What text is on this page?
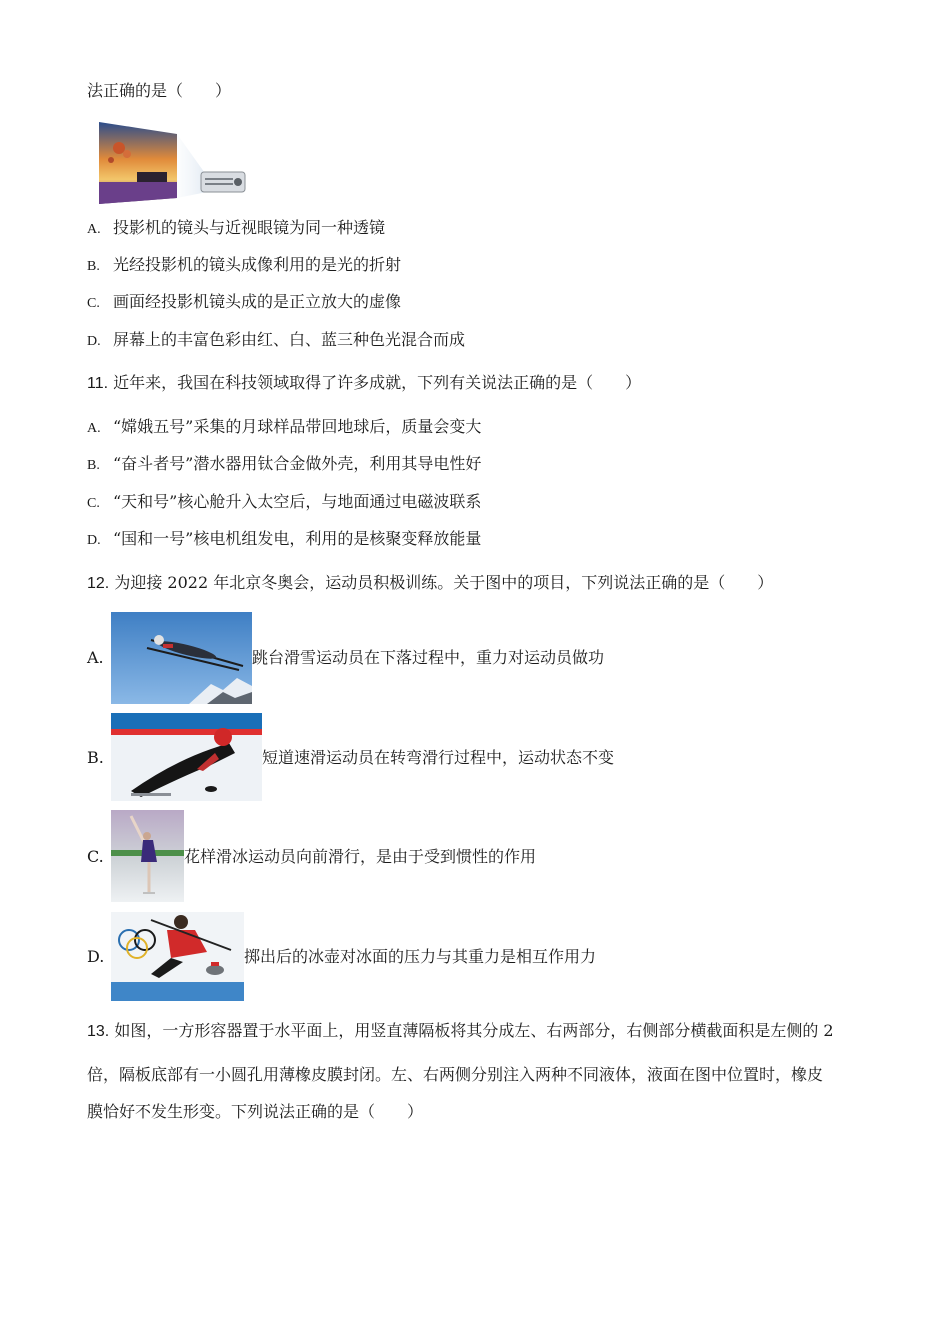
法正确的是（　　）
A. 投影机的镜头与近视眼镜为同一种透镜
B. 光经投影机的镜头成像利用的是光的折射
C. 画面经投影机镜头成的是正立放大的虚像
D. 屏幕上的丰富色彩由红、白、蓝三种色光混合而成
11. 近年来，我国在科技领域取得了许多成就，下列有关说法正确的是（　　）
A. “嫦娥五号”采集的月球样品带回地球后，质量会变大
B. “奋斗者号”潜水器用钛合金做外壳，利用其导电性好
C. “天和号”核心舱升入太空后，与地面通过电磁波联系
D. “国和一号”核电机组发电，利用的是核聚变释放能量
12. 为迎接 2022 年北京冬奥会，运动员积极训练。关于图中的项目，下列说法正确的是（　　）
A.	跳台滑雪运动员在下落过程中，重力对运动员做功
B.	短道速滑运动员在转弯滑行过程中，运动状态不变
C.	花样滑冰运动员向前滑行，是由于受到惯性的作用
D.	掷出后的冰壶对冰面的压力与其重力是相互作用力
13. 如图，一方形容器置于水平面上，用竖直薄隔板将其分成左、右两部分，右侧部分横截面积是左侧的 2
倍，隔板底部有一小圆孔用薄橡皮膜封闭。左、右两侧分别注入两种不同液体，液面在图中位置时，橡皮
膜恰好不发生形变。下列说法正确的是（　　）
